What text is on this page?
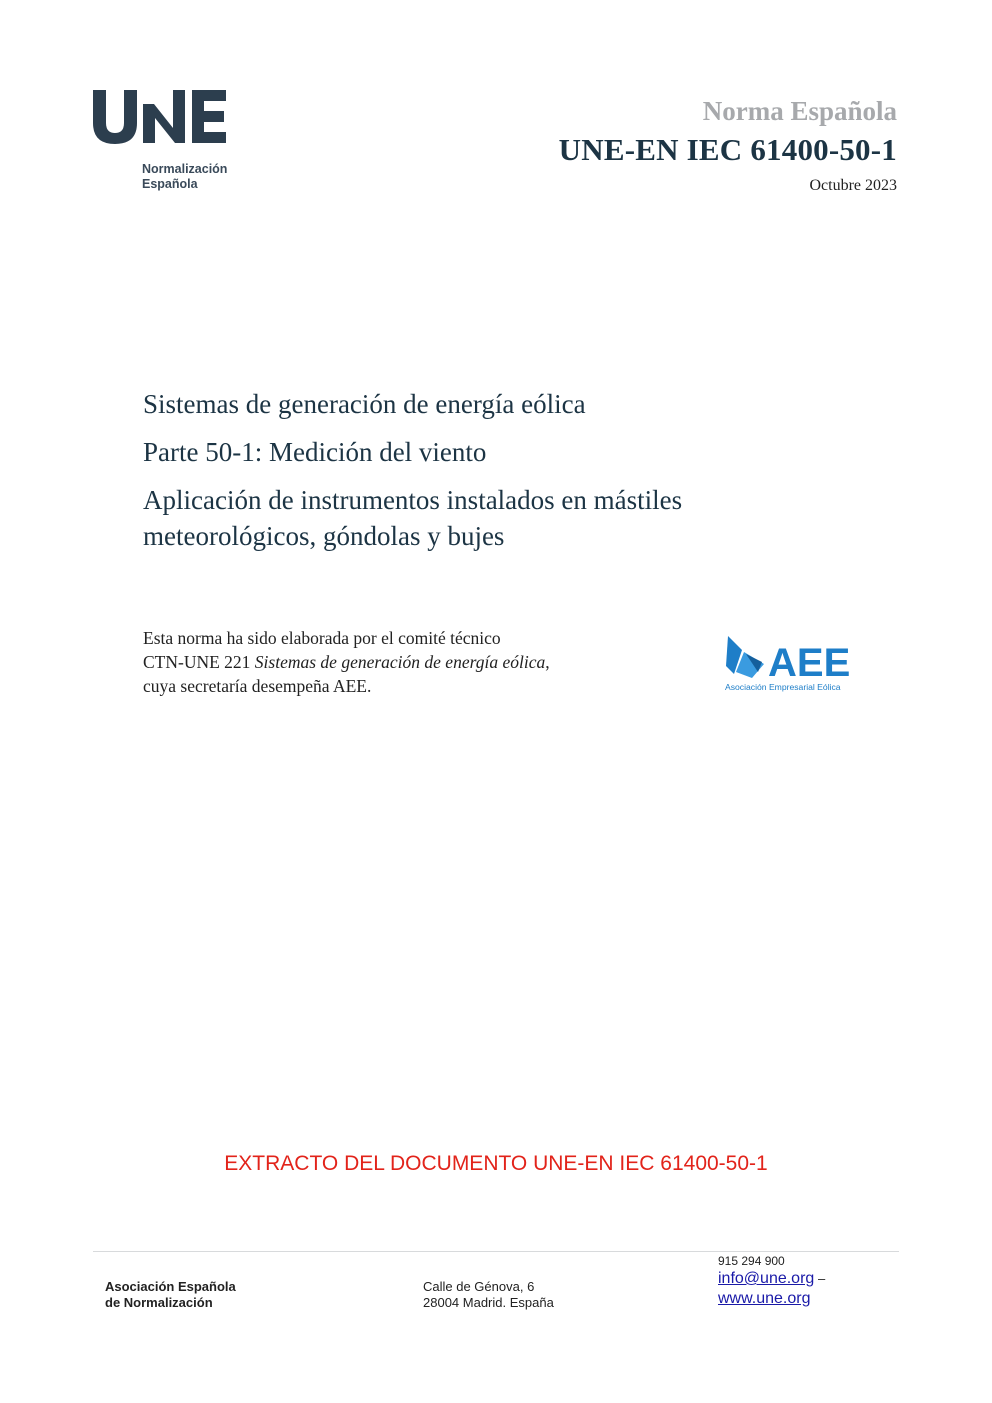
Normalización
Española
Norma Española
UNE-EN IEC 61400-50-1
Octubre 2023
Sistemas de generación de energía eólica
Parte 50-1: Medición del viento
Aplicación de instrumentos instalados en mástiles meteorológicos, góndolas y bujes
Esta norma ha sido elaborada por el comité técnico
CTN-UNE 221 Sistemas de generación de energía eólica,
cuya secretaría desempeña AEE.
AEE
Asociación Empresarial Eólica
EXTRACTO DEL DOCUMENTO UNE-EN IEC 61400-50-1
Asociación Española
de Normalización
Calle de Génova, 6
28004 Madrid. España
915 294 900
info@une.org –
www.une.org
